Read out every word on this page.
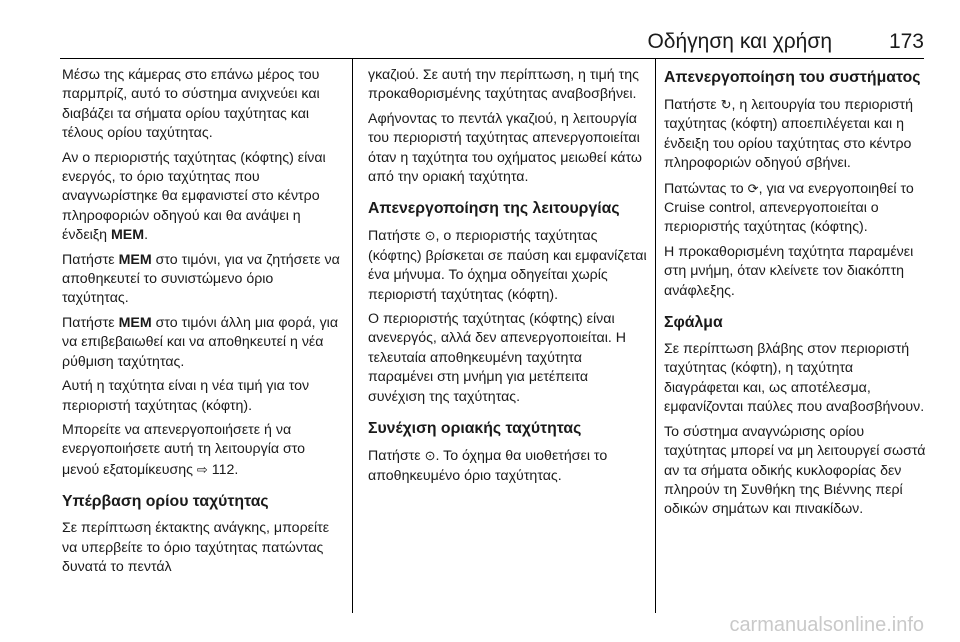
Οδήγηση και χρήση	173

Μέσω της κάμερας στο επάνω μέρος του παρμπρίζ, αυτό το σύστημα ανιχνεύει και διαβάζει τα σήματα ορίου ταχύτητας και τέλους ορίου ταχύτητας.

Αν ο περιοριστής ταχύτητας (κόφτης) είναι ενεργός, το όριο ταχύτητας που αναγνωρίστηκε θα εμφανιστεί στο κέντρο πληροφοριών οδηγού και θα ανάψει η ένδειξη MEM.

Πατήστε MEM στο τιμόνι, για να ζητήσετε να αποθηκευτεί το συνιστώμενο όριο ταχύτητας.

Πατήστε MEM στο τιμόνι άλλη μια φορά, για να επιβεβαιωθεί και να αποθηκευτεί η νέα ρύθμιση ταχύτητας.

Αυτή η ταχύτητα είναι η νέα τιμή για τον περιοριστή ταχύτητας (κόφτη).

Μπορείτε να απενεργοποιήσετε ή να ενεργοποιήσετε αυτή τη λειτουργία στο μενού εξατομίκευσης ⇨ 112.

Υπέρβαση ορίου ταχύτητας

Σε περίπτωση έκτακτης ανάγκης, μπορείτε να υπερβείτε το όριο ταχύτητας πατώντας δυνατά το πεντάλ

γκαζιού. Σε αυτή την περίπτωση, η τιμή της προκαθορισμένης ταχύτητας αναβοσβήνει.

Αφήνοντας το πεντάλ γκαζιού, η λειτουργία του περιοριστή ταχύτητας απενεργοποιείται όταν η ταχύτητα του οχήματος μειωθεί κάτω από την οριακή ταχύτητα.

Απενεργοποίηση της λειτουργίας

Πατήστε ⊙, ο περιοριστής ταχύτητας (κόφτης) βρίσκεται σε παύση και εμφανίζεται ένα μήνυμα. Το όχημα οδηγείται χωρίς περιοριστή ταχύτητας (κόφτη).

Ο περιοριστής ταχύτητας (κόφτης) είναι ανενεργός, αλλά δεν απενεργοποιείται. Η τελευταία αποθηκευμένη ταχύτητα παραμένει στη μνήμη για μετέπειτα συνέχιση της ταχύτητας.

Συνέχιση οριακής ταχύτητας

Πατήστε ⊙. Το όχημα θα υιοθετήσει το αποθηκευμένο όριο ταχύτητας.

Απενεργοποίηση του συστήματος

Πατήστε ↻, η λειτουργία του περιοριστή ταχύτητας (κόφτη) αποεπιλέγεται και η ένδειξη του ορίου ταχύτητας στο κέντρο πληροφοριών οδηγού σβήνει.

Πατώντας το ⟳, για να ενεργοποιηθεί το Cruise control, απενεργοποιείται ο περιοριστής ταχύτητας (κόφτης).

Η προκαθορισμένη ταχύτητα παραμένει στη μνήμη, όταν κλείνετε τον διακόπτη ανάφλεξης.

Σφάλμα

Σε περίπτωση βλάβης στον περιοριστή ταχύτητας (κόφτη), η ταχύτητα διαγράφεται και, ως αποτέλεσμα, εμφανίζονται παύλες που αναβοσβήνουν.

Το σύστημα αναγνώρισης ορίου ταχύτητας μπορεί να μη λειτουργεί σωστά αν τα σήματα οδικής κυκλοφορίας δεν πληρούν τη Συνθήκη της Βιέννης περί οδικών σημάτων και πινακίδων.

carmanualsonline.info
